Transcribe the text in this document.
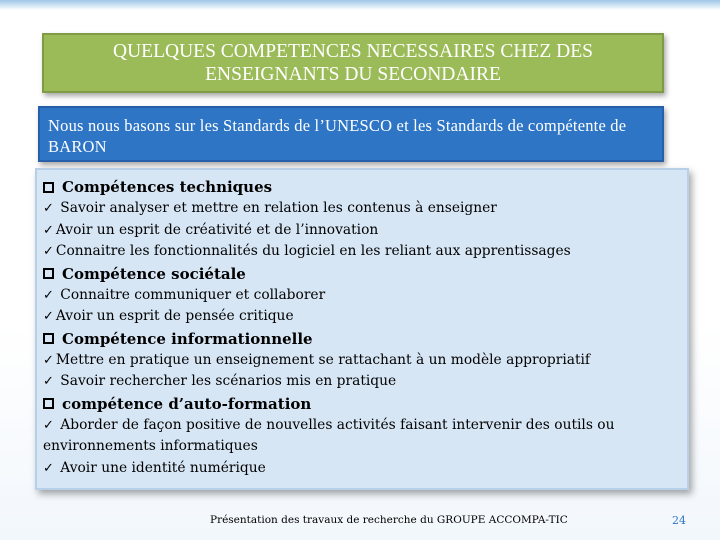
QUELQUES COMPETENCES NECESSAIRES CHEZ DES ENSEIGNANTS DU SECONDAIRE
Nous nous basons sur les Standards de l’UNESCO et les Standards de compétente de BARON
Compétences techniques
✓ Savoir analyser et mettre en relation les contenus à enseigner
✓ Avoir un esprit de créativité et de l’innovation
✓ Connaitre les fonctionnalités du logiciel en les reliant aux apprentissages
Compétence sociétale
✓ Connaitre communiquer et collaborer
✓ Avoir un esprit de pensée critique
Compétence informationnelle
✓ Mettre en pratique un enseignement se rattachant à un modèle appropriatif
✓ Savoir rechercher les scénarios mis en pratique
compétence d’auto-formation
✓ Aborder de façon positive de nouvelles activités faisant intervenir des outils ou environnements informatiques
✓ Avoir une identité numérique
Présentation des travaux de recherche du GROUPE ACCOMPA-TIC	24
